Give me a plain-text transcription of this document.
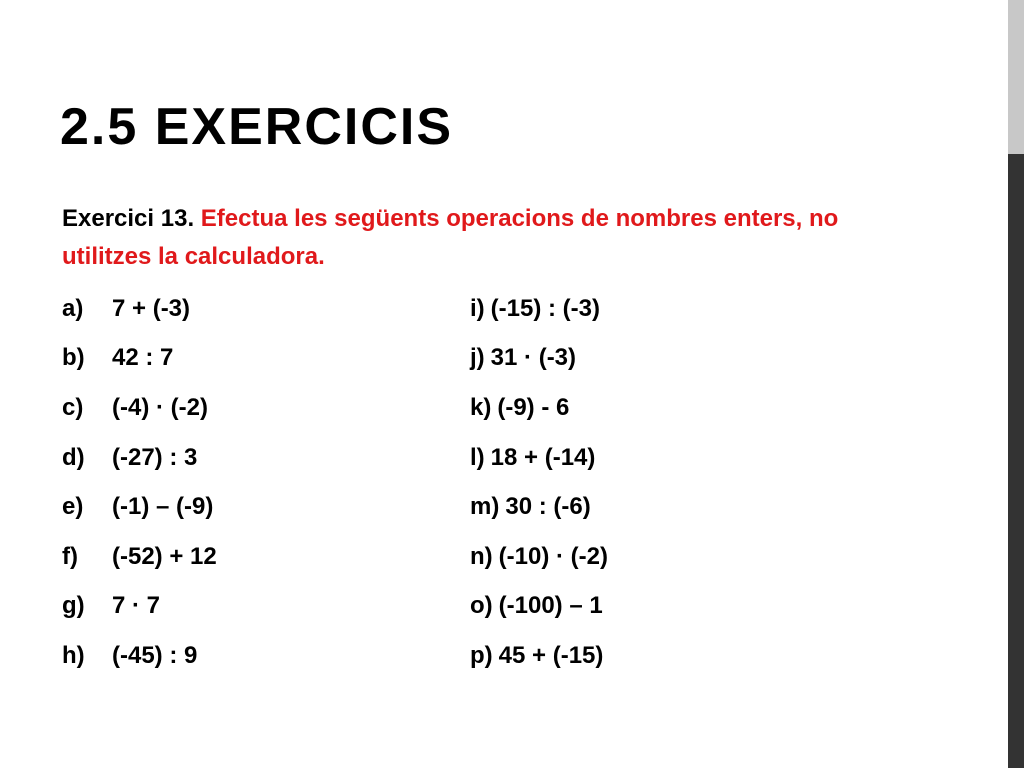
2.5 EXERCICIS

Exercici 13. Efectua les següents operacions de nombres enters, no utilitzes la calculadora.

a)	7 + (-3)
b)	42 : 7
c)	(-4) · (-2)
d)	(-27) : 3
e)	(-1) – (-9)
f)	(-52) + 12
g)	7 · 7
h)	(-45) : 9
i) (-15) : (-3)
j) 31 · (-3)
k) (-9) - 6
l) 18 + (-14)
m) 30 : (-6)
n) (-10) · (-2)
o) (-100) – 1
p) 45 + (-15)
